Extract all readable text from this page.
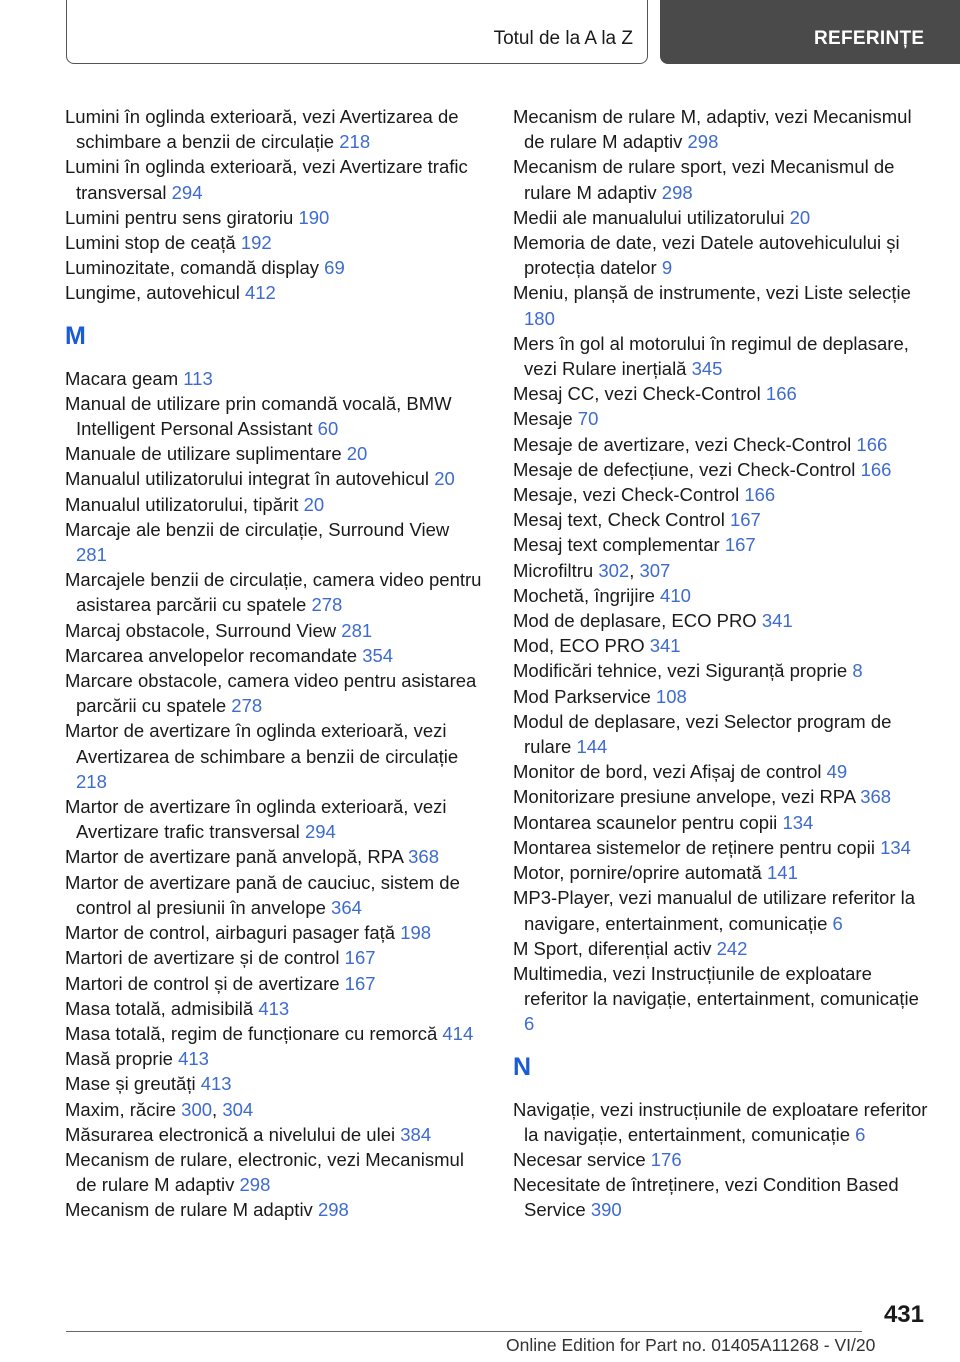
Totul de la A la Z	REFERINȚE
Lumini în oglinda exterioară, vezi Avertizarea de schimbare a benzii de circulație 218
Lumini în oglinda exterioară, vezi Avertizare trafic transversal 294
Lumini pentru sens giratoriu 190
Lumini stop de ceață 192
Luminozitate, comandă display 69
Lungime, autovehicul 412
M
Macara geam 113
Manual de utilizare prin comandă vocală, BMW Intelligent Personal Assistant 60
Manuale de utilizare suplimentare 20
Manualul utilizatorului integrat în autovehicul 20
Manualul utilizatorului, tipărit 20
Marcaje ale benzii de circulație, Surround View 281
Marcajele benzii de circulație, camera video pentru asistarea parcării cu spatele 278
Marcaj obstacole, Surround View 281
Marcarea anvelopelor recomandate 354
Marcare obstacole, camera video pentru asistarea parcării cu spatele 278
Martor de avertizare în oglinda exterioară, vezi Avertizarea de schimbare a benzii de circulație 218
Martor de avertizare în oglinda exterioară, vezi Avertizare trafic transversal 294
Martor de avertizare pană anvelopă, RPA 368
Martor de avertizare pană de cauciuc, sistem de control al presiunii în anvelope 364
Martor de control, airbaguri pasager față 198
Martori de avertizare și de control 167
Martori de control și de avertizare 167
Masa totală, admisibilă 413
Masa totală, regim de funcționare cu remorcă 414
Masă proprie 413
Mase și greutăți 413
Maxim, răcire 300, 304
Măsurarea electronică a nivelului de ulei 384
Mecanism de rulare, electronic, vezi Mecanismul de rulare M adaptiv 298
Mecanism de rulare M adaptiv 298
Mecanism de rulare M, adaptiv, vezi Mecanismul de rulare M adaptiv 298
Mecanism de rulare sport, vezi Mecanismul de rulare M adaptiv 298
Medii ale manualului utilizatorului 20
Memoria de date, vezi Datele autovehiculului și protecția datelor 9
Meniu, planșă de instrumente, vezi Liste selecție 180
Mers în gol al motorului în regimul de deplasare, vezi Rulare inerțială 345
Mesaj CC, vezi Check-Control 166
Mesaje 70
Mesaje de avertizare, vezi Check-Control 166
Mesaje de defecțiune, vezi Check-Control 166
Mesaje, vezi Check-Control 166
Mesaj text, Check Control 167
Mesaj text complementar 167
Microfiltru 302, 307
Mochetă, îngrijire 410
Mod de deplasare, ECO PRO 341
Mod, ECO PRO 341
Modificări tehnice, vezi Siguranță proprie 8
Mod Parkservice 108
Modul de deplasare, vezi Selector program de rulare 144
Monitor de bord, vezi Afișaj de control 49
Monitorizare presiune anvelope, vezi RPA 368
Montarea scaunelor pentru copii 134
Montarea sistemelor de reținere pentru copii 134
Motor, pornire/oprire automată 141
MP3-Player, vezi manualul de utilizare referitor la navigare, entertainment, comunicație 6
M Sport, diferențial activ 242
Multimedia, vezi Instrucțiunile de exploatare referitor la navigație, entertainment, comunicație 6
N
Navigație, vezi instrucțiunile de exploatare referitor la navigație, entertainment, comunicație 6
Necesar service 176
Necesitate de întreținere, vezi Condition Based Service 390
431
Online Edition for Part no. 01405A11268 - VI/20
